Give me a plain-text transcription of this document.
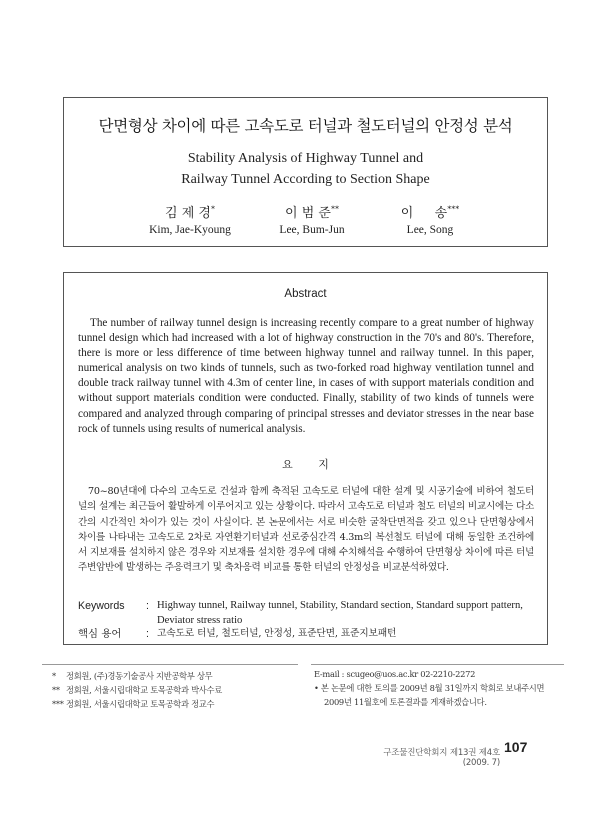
단면형상 차이에 따른 고속도로 터널과 철도터널의 안정성 분석
Stability Analysis of Highway Tunnel and
Railway Tunnel According to Section Shape
김 제 경*
Kim, Jae-Kyoung
이 범 준**
Lee, Bum-Jun
이 　 송***
Lee, Song
Abstract

The number of railway tunnel design is increasing recently compare to a great number of highway tunnel design which had increased with a lot of highway construction in the 70's and 80's. Therefore, there is more or less difference of time between highway tunnel and railway tunnel. In this paper, numerical analysis on two kinds of tunnels, such as two-forked road highway ventilation tunnel and double track railway tunnel with 4.3m of center line, in cases of with support materials condition and without support materials condition were conducted. Finally, stability of two kinds of tunnels were compared and analyzed through comparing of principal stresses and deviator stresses in the near base rock of tunnels using results of numerical analysis.

요 지

70~80년대에 다수의 고속도로 건설과 함께 축적된 고속도로 터널에 대한 설계 및 시공기술에 비하여 철도터널의 설계는 최근들어 활발하게 이루어지고 있는 상황이다. 따라서 고속도로 터널과 철도 터널의 비교시에는 다소간의 시간적인 차이가 있는 것이 사실이다. 본 논문에서는 서로 비슷한 굴착단면적을 갖고 있으나 단면형상에서 차이를 나타내는 고속도로 2차로 자연환기터널과 선로중심간격 4.3m의 복선철도 터널에 대해 동일한 조건하에서 지보재를 설치하지 않은 경우와 지보재를 설치한 경우에 대해 수치해석을 수행하여 단면형상 차이에 따른 터널 주변암반에 발생하는 주응력크기 및 축차응력 비교를 통한 터널의 안정성을 비교분석하였다.

Keywords : Highway tunnel, Railway tunnel, Stability, Standard section, Standard support pattern, Deviator stress ratio
핵심 용어 : 고속도로 터널, 철도터널, 안정성, 표준단면, 표준지보패턴
* 정회원, (주)경동기술공사 지반공학부 상무
** 정회원, 서울시립대학교 토목공학과 박사수료
*** 정회원, 서울시립대학교 토목공학과 정교수
E-mail : scugeo@uos.ac.kr 02-2210-2272
• 본 논문에 대한 토의를 2009년 8월 31일까지 학회로 보내주시면
2009년 11월호에 토론결과를 게재하겠습니다.
구조물진단학회지 제13권 제4호(2009. 7)
107
